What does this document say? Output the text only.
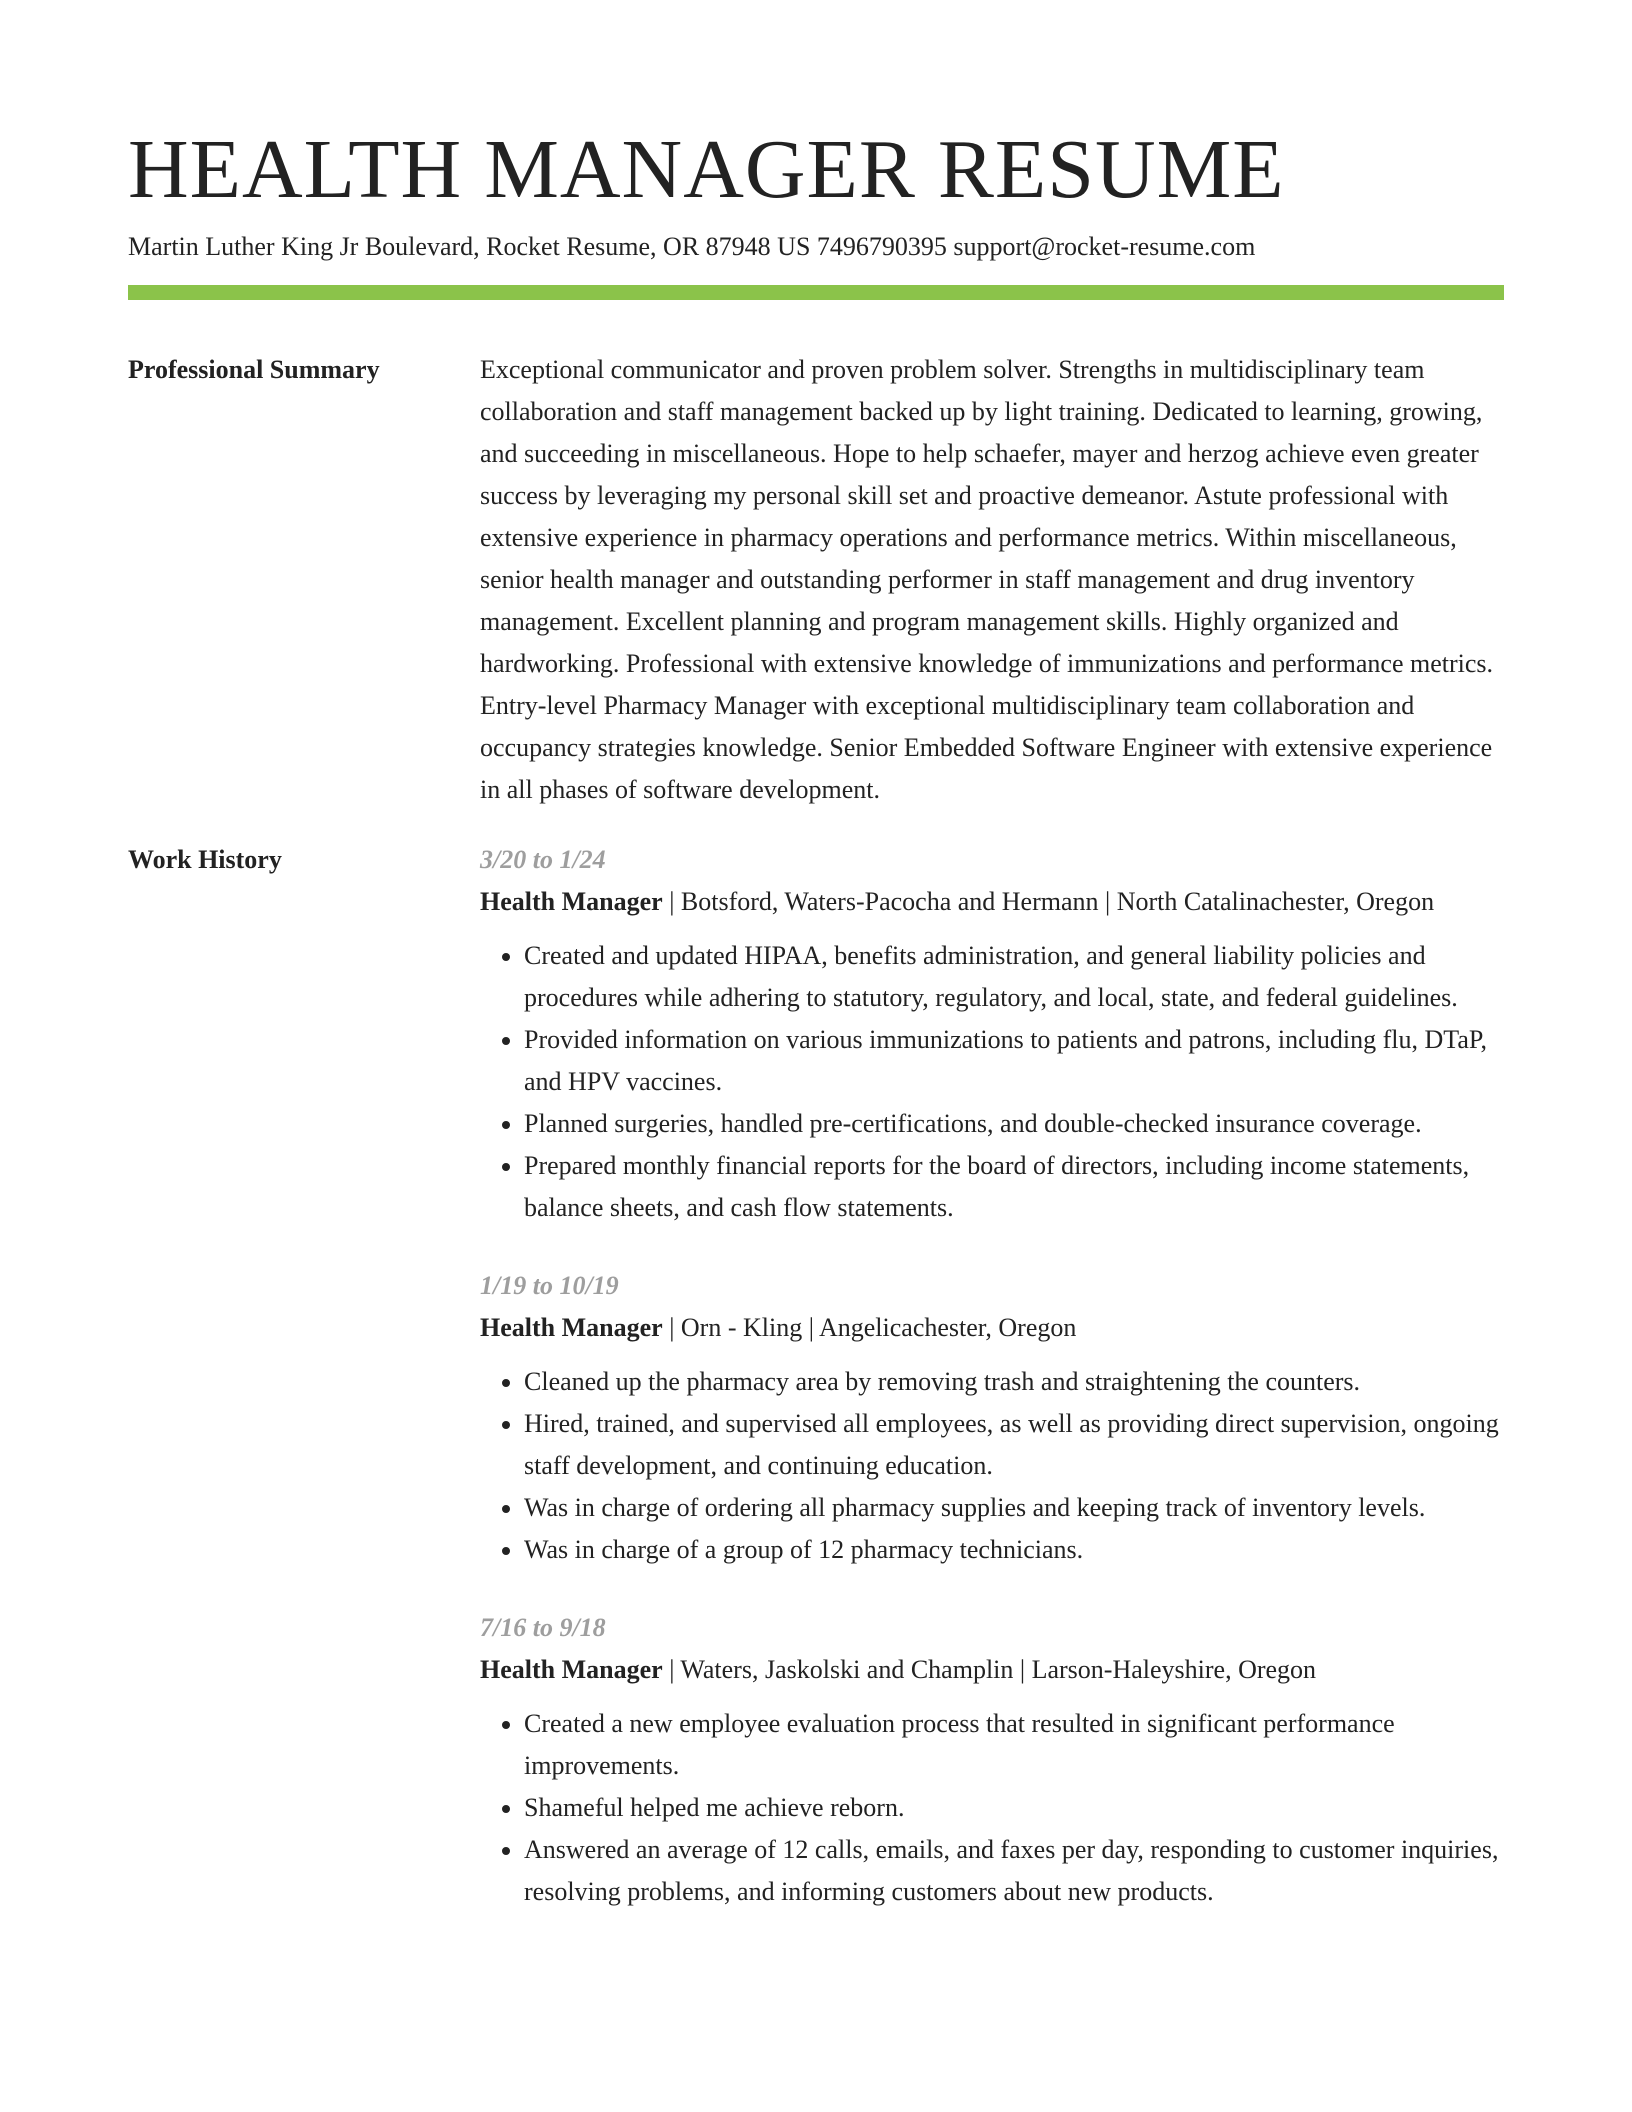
HEALTH MANAGER RESUME
Martin Luther King Jr Boulevard, Rocket Resume, OR 87948 US 7496790395 support@rocket-resume.com
Professional Summary	Exceptional communicator and proven problem solver. Strengths in multidisciplinary team collaboration and staff management backed up by light training. Dedicated to learning, growing, and succeeding in miscellaneous. Hope to help schaefer, mayer and herzog achieve even greater success by leveraging my personal skill set and proactive demeanor. Astute professional with extensive experience in pharmacy operations and performance metrics. Within miscellaneous, senior health manager and outstanding performer in staff management and drug inventory management. Excellent planning and program management skills. Highly organized and hardworking. Professional with extensive knowledge of immunizations and performance metrics. Entry-level Pharmacy Manager with exceptional multidisciplinary team collaboration and occupancy strategies knowledge. Senior Embedded Software Engineer with extensive experience in all phases of software development.

Work History	3/20 to 1/24

Health Manager | Botsford, Waters-Pacocha and Hermann | North Catalinachester, Oregon

• Created and updated HIPAA, benefits administration, and general liability policies and procedures while adhering to statutory, regulatory, and local, state, and federal guidelines.
• Provided information on various immunizations to patients and patrons, including flu, DTaP, and HPV vaccines.
• Planned surgeries, handled pre-certifications, and double-checked insurance coverage.
• Prepared monthly financial reports for the board of directors, including income statements, balance sheets, and cash flow statements.
1/19 to 10/19

Health Manager | Orn - Kling | Angelicachester, Oregon

• Cleaned up the pharmacy area by removing trash and straightening the counters.
• Hired, trained, and supervised all employees, as well as providing direct supervision, ongoing staff development, and continuing education.
• Was in charge of ordering all pharmacy supplies and keeping track of inventory levels.
• Was in charge of a group of 12 pharmacy technicians.
7/16 to 9/18

Health Manager | Waters, Jaskolski and Champlin | Larson-Haleyshire, Oregon

• Created a new employee evaluation process that resulted in significant performance improvements.
• Shameful helped me achieve reborn.
• Answered an average of 12 calls, emails, and faxes per day, responding to customer inquiries, resolving problems, and informing customers about new products.
